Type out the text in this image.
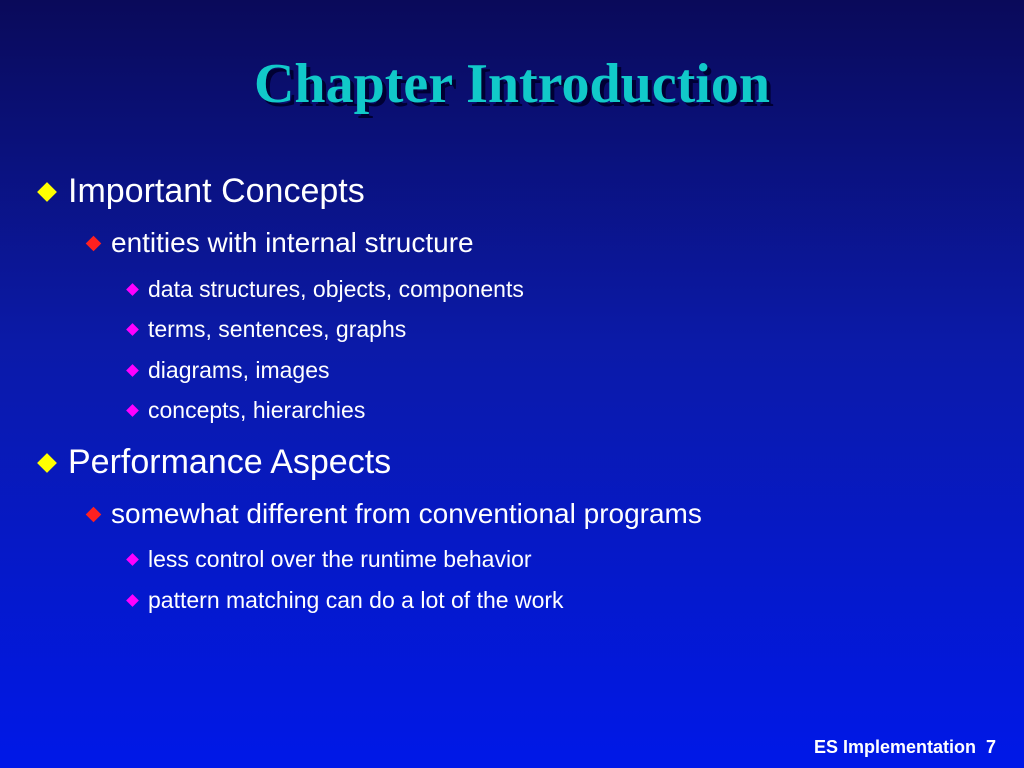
Chapter Introduction
Important Concepts
entities with internal structure
data structures, objects, components
terms, sentences, graphs
diagrams, images
concepts, hierarchies
Performance Aspects
somewhat different from conventional programs
less control over the runtime behavior
pattern matching can do a lot of the work
ES Implementation 7
